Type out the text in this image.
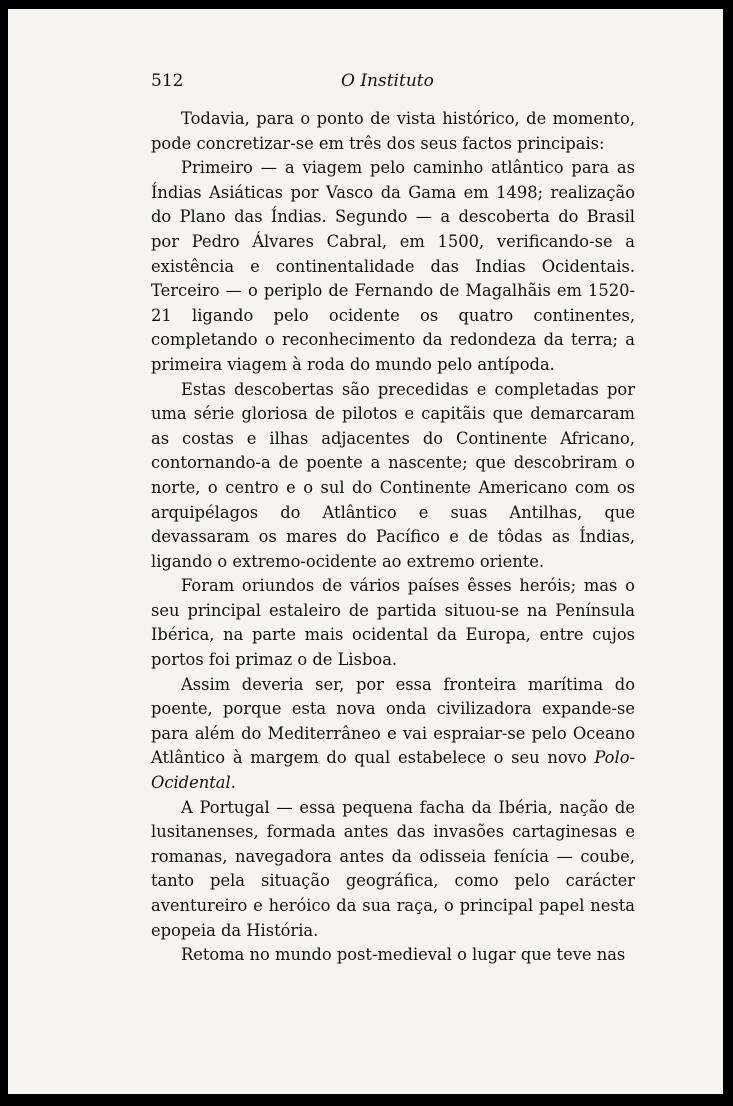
512	O Instituto

Todavia, para o ponto de vista histórico, de momento, pode concretizar-se em três dos seus factos principais:

Primeiro — a viagem pelo caminho atlântico para as Índias Asiáticas por Vasco da Gama em 1498; realização do Plano das Índias. Segundo — a descoberta do Brasil por Pedro Álvares Cabral, em 1500, verificando-se a existência e continentalidade das Indias Ocidentais. Terceiro — o periplo de Fernando de Magalhãis em 1520-21 ligando pelo ocidente os quatro continentes, completando o reconhecimento da redondeza da terra; a primeira viagem à roda do mundo pelo antípoda.

Estas descobertas são precedidas e completadas por uma série gloriosa de pilotos e capitãis que demarcaram as costas e ilhas adjacentes do Continente Africano, contornando-a de poente a nascente; que descobriram o norte, o centro e o sul do Continente Americano com os arquipélagos do Atlântico e suas Antilhas, que devassaram os mares do Pacífico e de tôdas as Índias, ligando o extremo-ocidente ao extremo oriente.

Foram oriundos de vários países êsses heróis; mas o seu principal estaleiro de partida situou-se na Península Ibérica, na parte mais ocidental da Europa, entre cujos portos foi primaz o de Lisboa.

Assim deveria ser, por essa fronteira marítima do poente, porque esta nova onda civilizadora expande-se para além do Mediterrâneo e vai espraiar-se pelo Oceano Atlântico à margem do qual estabelece o seu novo Polo-Ocidental.

A Portugal — essa pequena facha da Ibéria, nação de lusitanenses, formada antes das invasões cartaginesas e romanas, navegadora antes da odisseia fenícia — coube, tanto pela situação geográfica, como pelo carácter aventureiro e heróico da sua raça, o principal papel nesta epopeia da História.

Retoma no mundo post-medieval o lugar que teve nas
